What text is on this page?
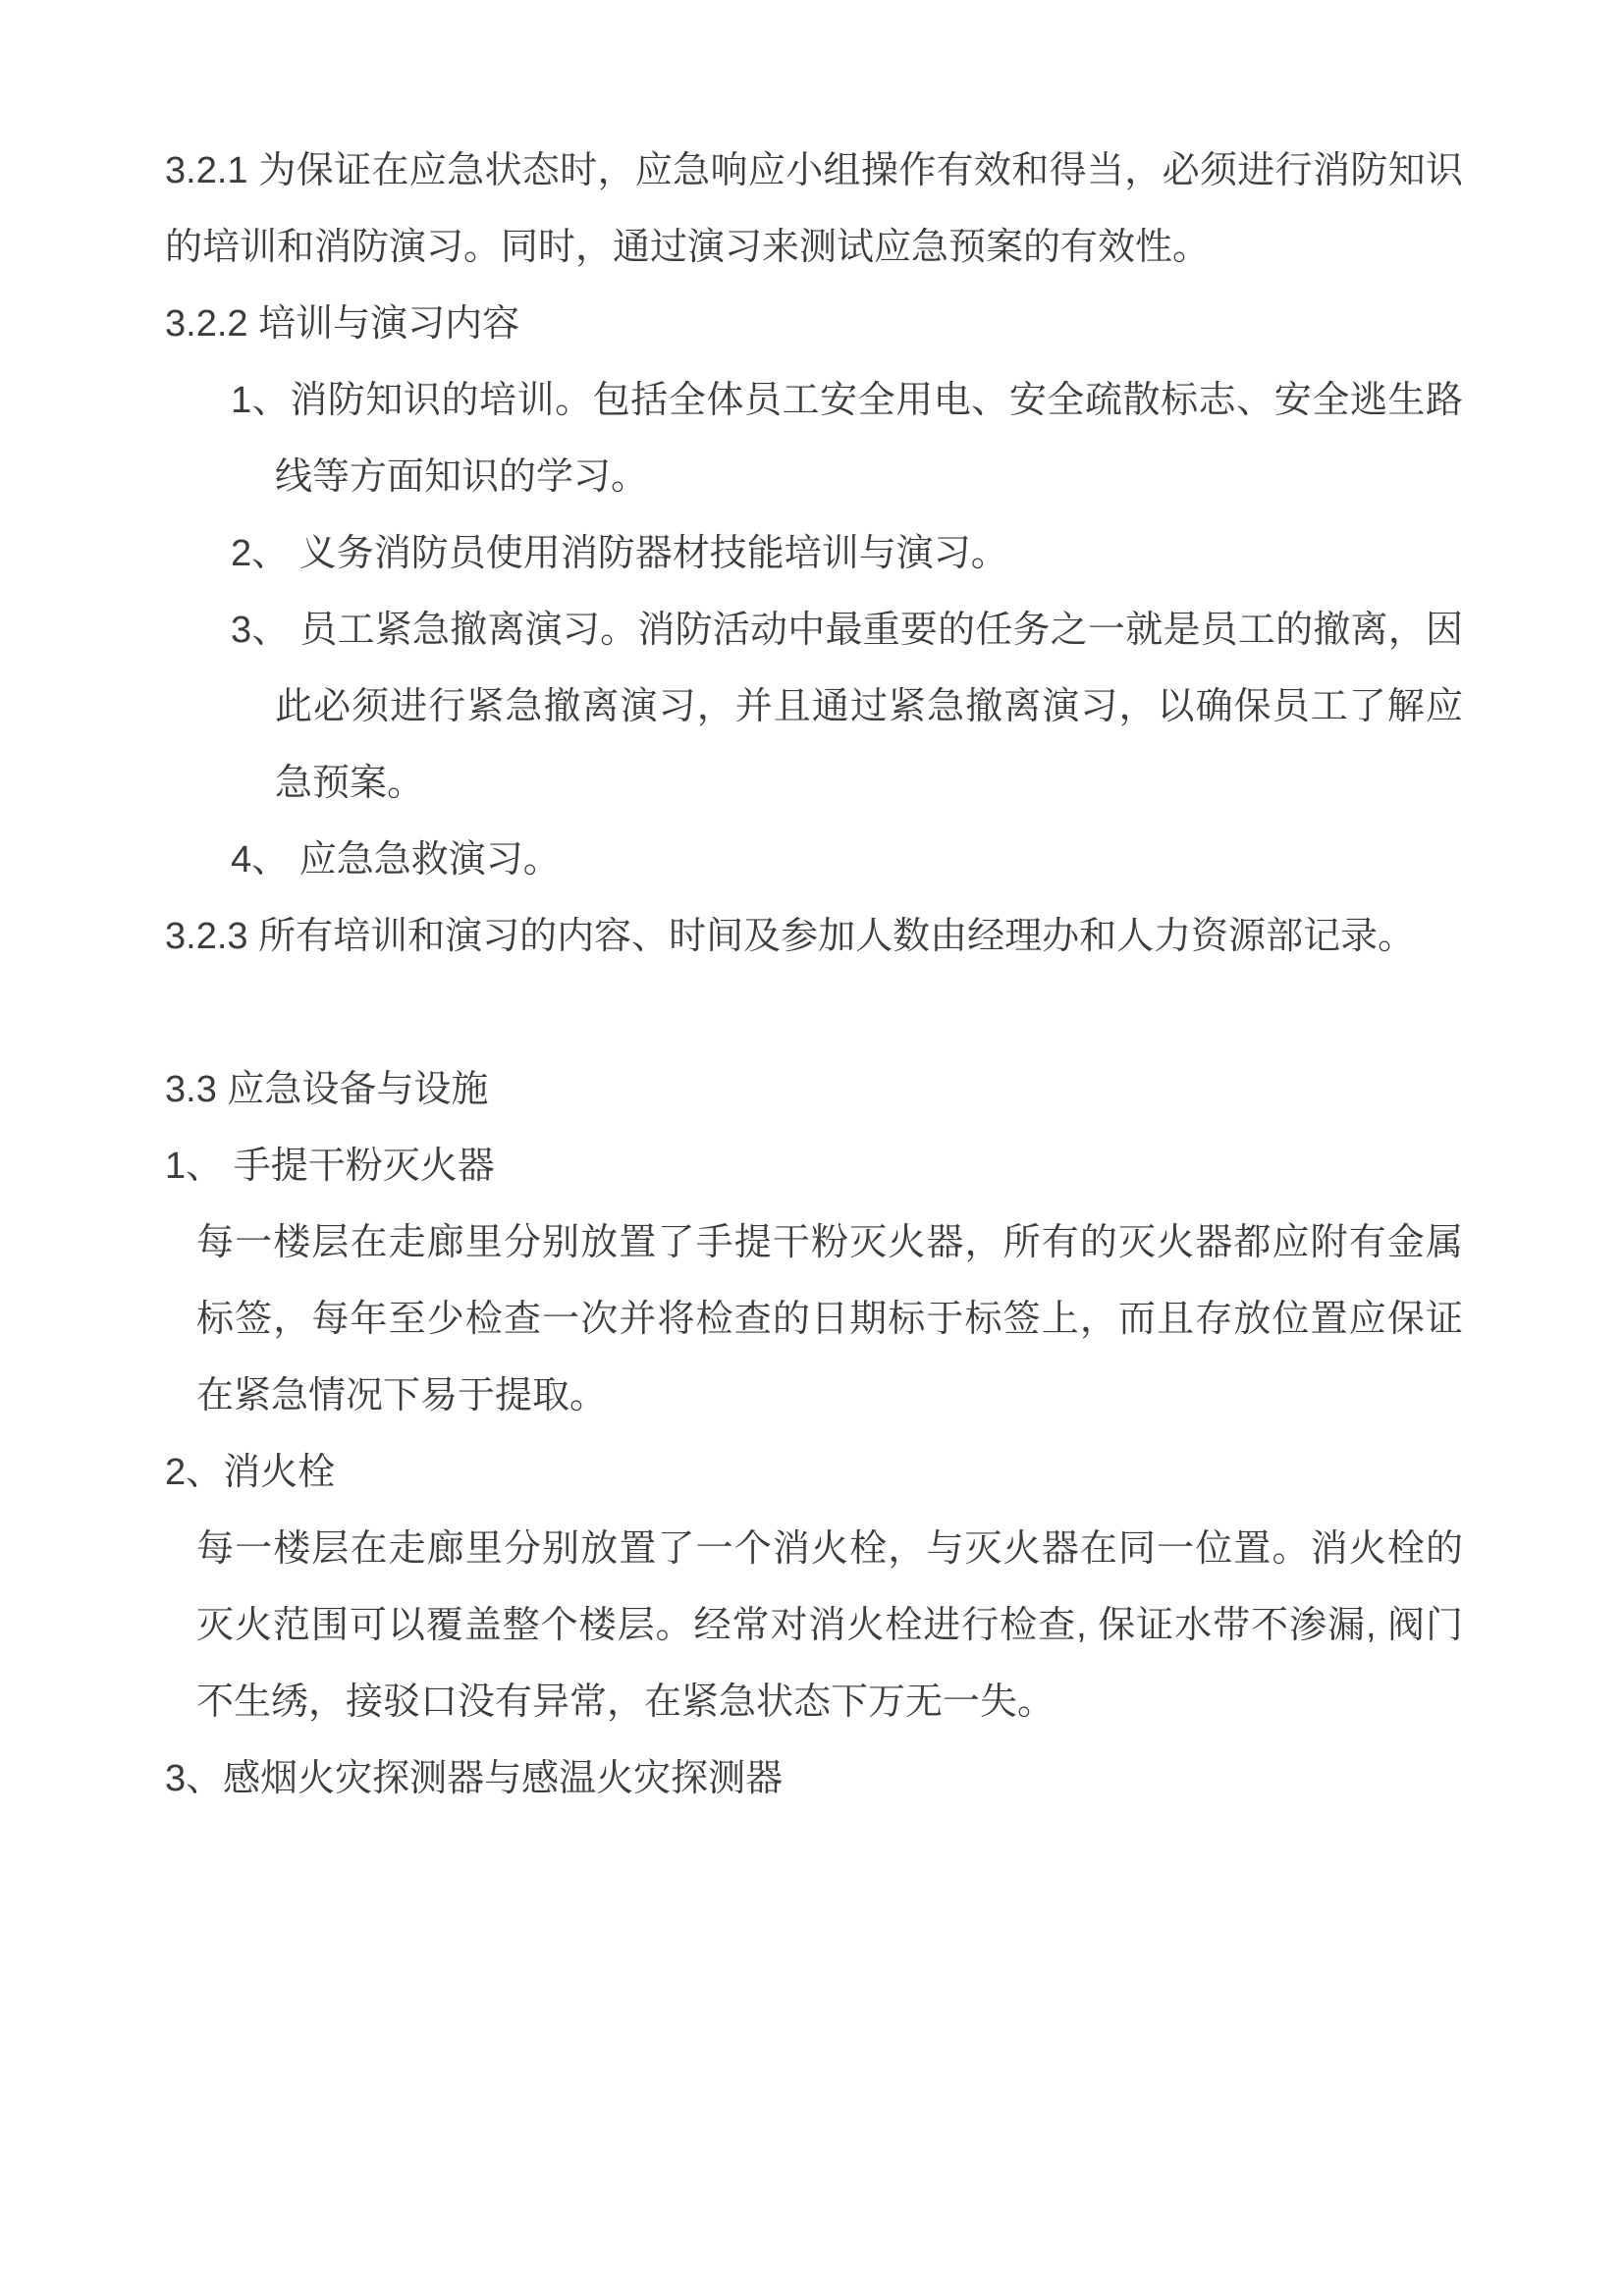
3.2.1 为保证在应急状态时，应急响应小组操作有效和得当，必须进行消防知识的培训和消防演习。同时，通过演习来测试应急预案的有效性。

3.2.2 培训与演习内容

1、消防知识的培训。包括全体员工安全用电、安全疏散标志、安全逃生路线等方面知识的学习。

2、 义务消防员使用消防器材技能培训与演习。

3、 员工紧急撤离演习。消防活动中最重要的任务之一就是员工的撤离，因此必须进行紧急撤离演习，并且通过紧急撤离演习，以确保员工了解应急预案。

4、 应急急救演习。

3.2.3 所有培训和演习的内容、时间及参加人数由经理办和人力资源部记录。

3.3 应急设备与设施

1、 手提干粉灭火器

每一楼层在走廊里分别放置了手提干粉灭火器，所有的灭火器都应附有金属标签，每年至少检查一次并将检查的日期标于标签上，而且存放位置应保证在紧急情况下易于提取。

2、消火栓

每一楼层在走廊里分别放置了一个消火栓，与灭火器在同一位置。消火栓的灭火范围可以覆盖整个楼层。经常对消火栓进行检查, 保证水带不渗漏, 阀门不生绣，接驳口没有异常，在紧急状态下万无一失。

3、感烟火灾探测器与感温火灾探测器
